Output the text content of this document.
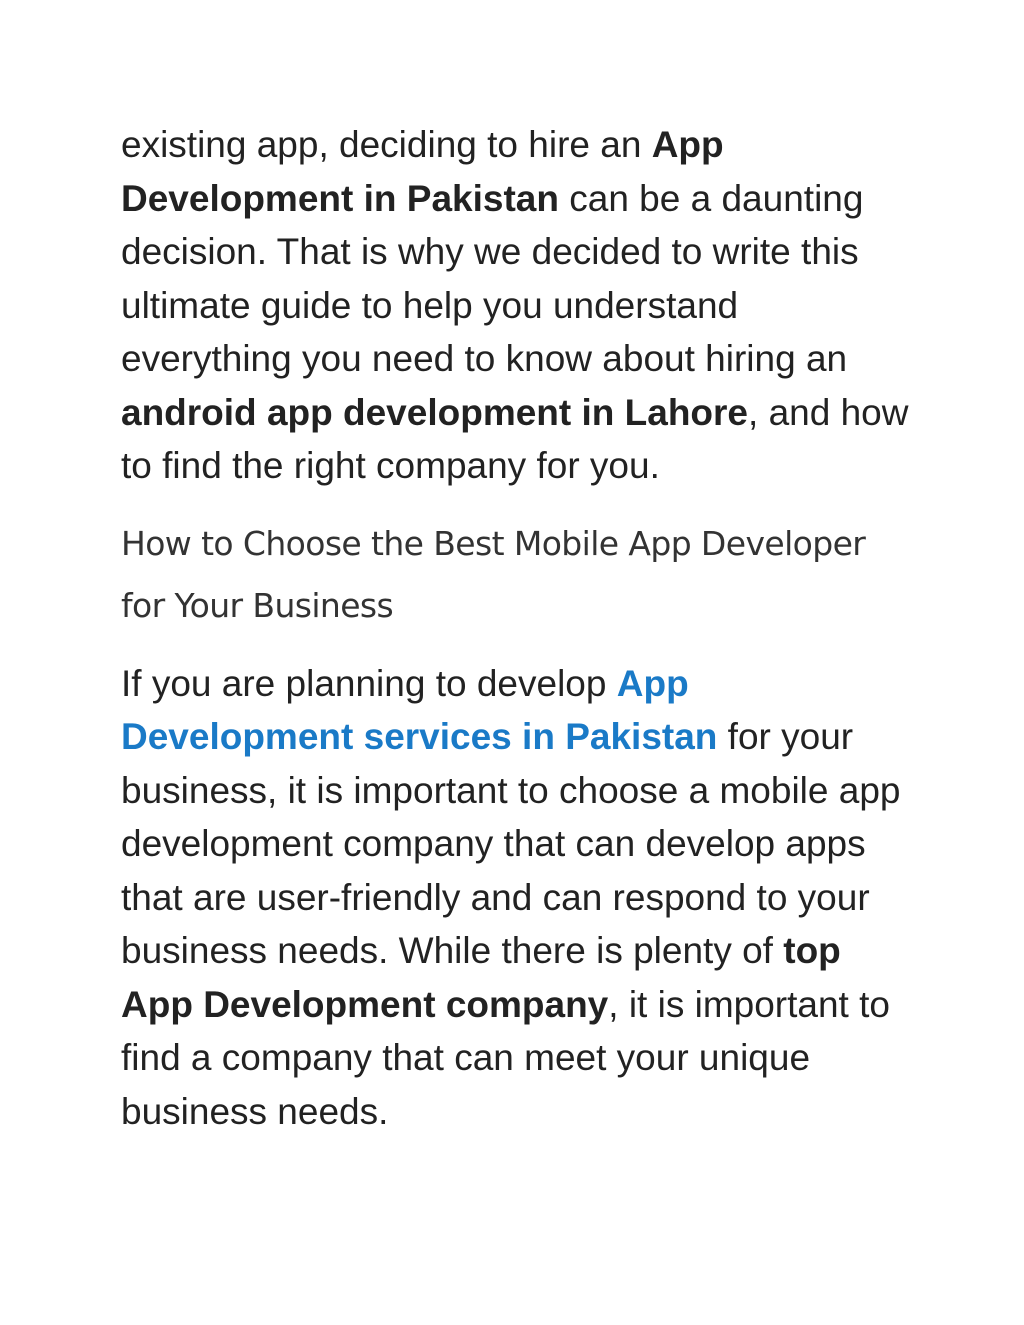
existing app, deciding to hire an App Development in Pakistan can be a daunting decision. That is why we decided to write this ultimate guide to help you understand everything you need to know about hiring an android app development in Lahore, and how to find the right company for you.

How to Choose the Best Mobile App Developer for Your Business

If you are planning to develop App Development services in Pakistan for your business, it is important to choose a mobile app development company that can develop apps that are user-friendly and can respond to your business needs. While there is plenty of top App Development company, it is important to find a company that can meet your unique business needs.
